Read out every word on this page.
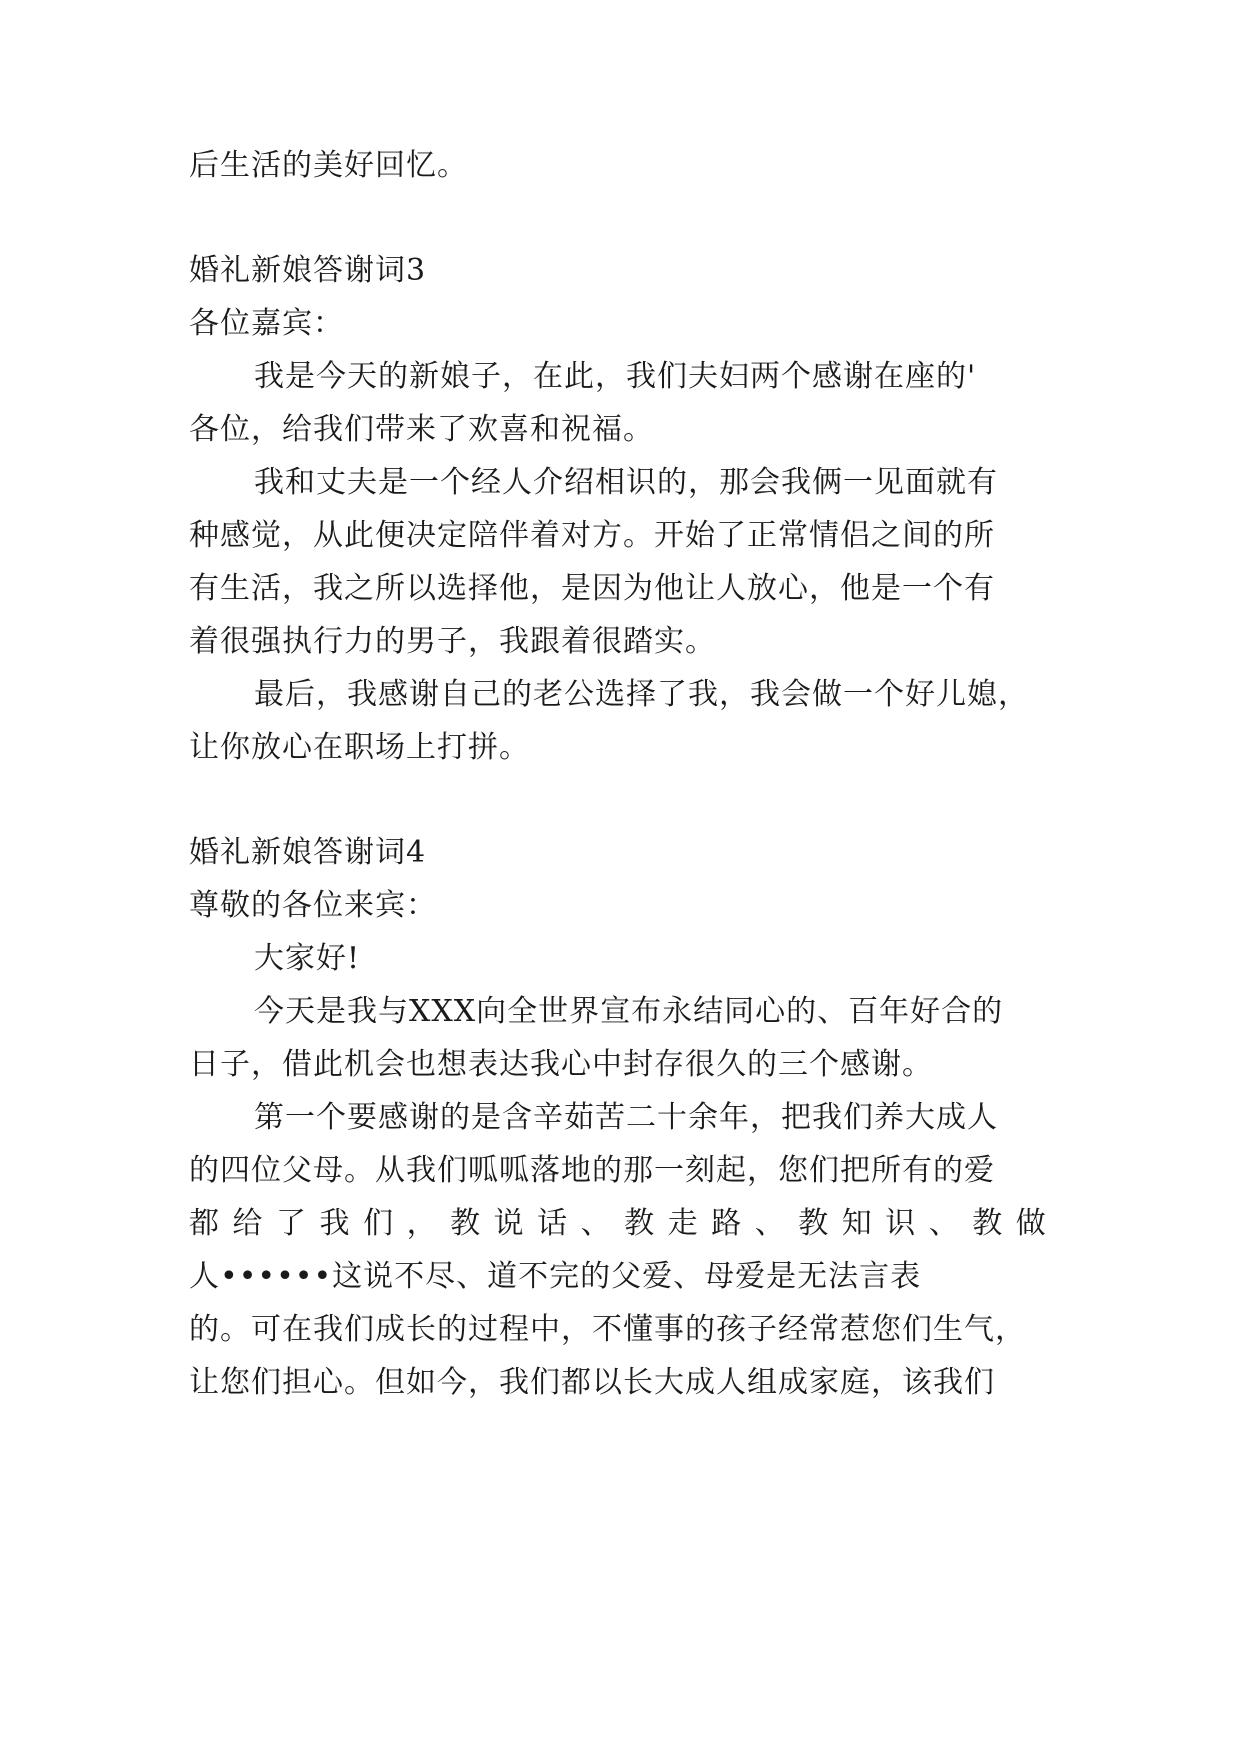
后生活的美好回忆。
婚礼新娘答谢词3
各位嘉宾：
我是今天的新娘子，在此，我们夫妇两个感谢在座的'
各位，给我们带来了欢喜和祝福。
我和丈夫是一个经人介绍相识的，那会我俩一见面就有
种感觉，从此便决定陪伴着对方。开始了正常情侣之间的所
有生活，我之所以选择他，是因为他让人放心，他是一个有
着很强执行力的男子，我跟着很踏实。
最后，我感谢自己的老公选择了我，我会做一个好儿媳，
让你放心在职场上打拼。
婚礼新娘答谢词4
尊敬的各位来宾：
大家好!
今天是我与XXX向全世界宣布永结同心的、百年好合的
日子，借此机会也想表达我心中封存很久的三个感谢。
第一个要感谢的是含辛茹苦二十余年，把我们养大成人
的四位父母。从我们呱呱落地的那一刻起，您们把所有的爱
都 给 了 我 们 ， 教 说 话 、 教 走 路 、 教 知 识 、 教 做
人••••••这说不尽、道不完的父爱、母爱是无法言表
的。可在我们成长的过程中，不懂事的孩子经常惹您们生气，
让您们担心。但如今，我们都以长大成人组成家庭，该我们
